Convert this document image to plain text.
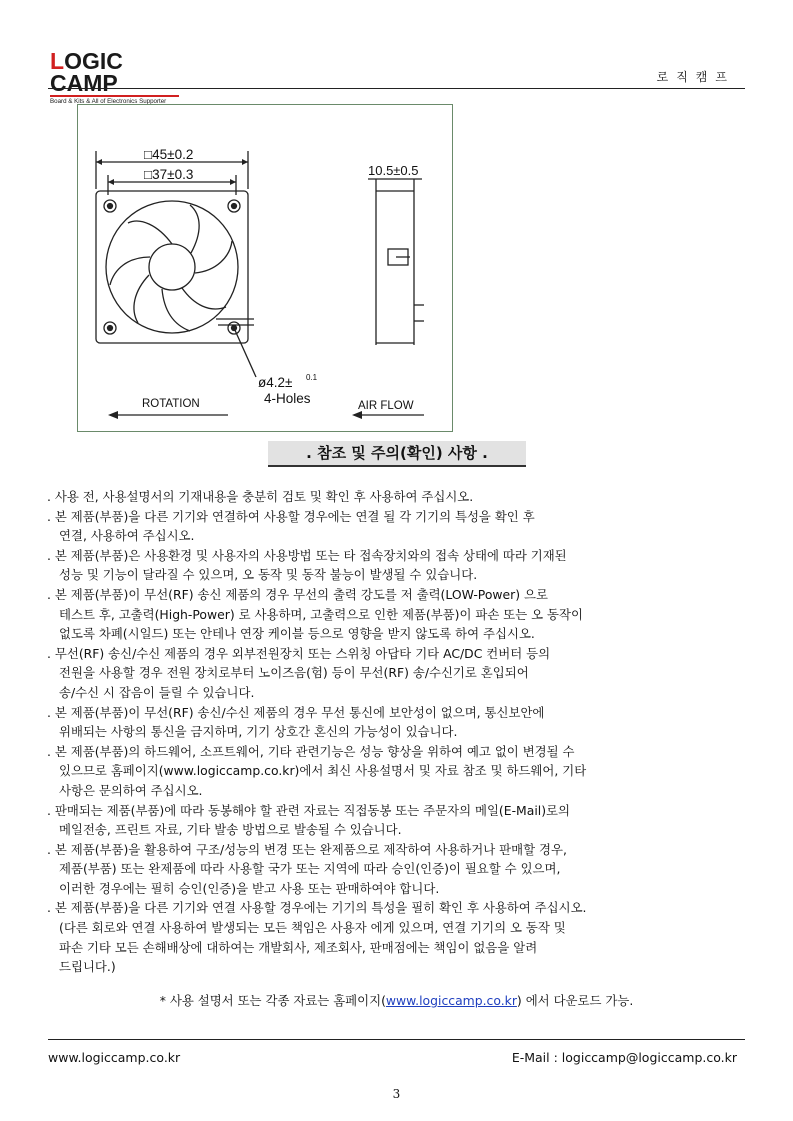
LOGIC CAMP
Board & Kits & All of Electronics Supporter
로직캠프
□45±0.2
□37±0.3	10.5±0.5
ø4.2± 0.1
4-Holes
ROTATION	AIR FLOW
. 참조 및 주의(확인) 사항 .
. 사용 전, 사용설명서의 기재내용을 충분히 검토 및 확인 후 사용하여 주십시오.
. 본 제품(부품)을 다른 기기와 연결하여 사용할 경우에는 연결 될 각 기기의 특성을 확인 후
연결, 사용하여 주십시오.
. 본 제품(부품)은 사용환경 및 사용자의 사용방법 또는 타 접속장치와의 접속 상태에 따라 기재된
성능 및 기능이 달라질 수 있으며, 오 동작 및 동작 불능이 발생될 수 있습니다.
. 본 제품(부품)이 무선(RF) 송신 제품의 경우 무선의 출력 강도를 저 출력(LOW-Power) 으로
테스트 후, 고출력(High-Power) 로 사용하며, 고출력으로 인한 제품(부품)이 파손 또는 오 동작이
없도록 차폐(시일드) 또는 안테나 연장 케이블 등으로 영향을 받지 않도록 하여 주십시오.
. 무선(RF) 송신/수신 제품의 경우 외부전원장치 또는 스위칭 아답타 기타 AC/DC 컨버터 등의
전원을 사용할 경우 전원 장치로부터 노이즈음(험) 등이 무선(RF) 송/수신기로 혼입되어
송/수신 시 잡음이 들릴 수 있습니다.
. 본 제품(부품)이 무선(RF) 송신/수신 제품의 경우 무선 통신에 보안성이 없으며, 통신보안에
위배되는 사항의 통신을 금지하며, 기기 상호간 혼신의 가능성이 있습니다.
. 본 제품(부품)의 하드웨어, 소프트웨어, 기타 관련기능은 성능 향상을 위하여 예고 없이 변경될 수
있으므로 홈페이지(www.logiccamp.co.kr)에서 최신 사용설명서 및 자료 참조 및 하드웨어, 기타
사항은 문의하여 주십시오.
. 판매되는 제품(부품)에 따라 동봉해야 할 관련 자료는 직접동봉 또는 주문자의 메일(E-Mail)로의
메일전송, 프린트 자료, 기타 발송 방법으로 발송될 수 있습니다.
. 본 제품(부품)을 활용하여 구조/성능의 변경 또는 완제품으로 제작하여 사용하거나 판매할 경우,
제품(부품) 또는 완제품에 따라 사용할 국가 또는 지역에 따라 승인(인증)이 필요할 수 있으며,
이러한 경우에는 필히 승인(인증)을 받고 사용 또는 판매하여야 합니다.
. 본 제품(부품)을 다른 기기와 연결 사용할 경우에는 기기의 특성을 필히 확인 후 사용하여 주십시오.
(다른 회로와 연결 사용하여 발생되는 모든 책임은 사용자 에게 있으며, 연결 기기의 오 동작 및
파손 기타 모든 손해배상에 대하여는 개발회사, 제조회사, 판매점에는 책임이 없음을 알려
드립니다.)
* 사용 설명서 또는 각종 자료는 홈페이지(www.logiccamp.co.kr) 에서 다운로드 가능.
www.logiccamp.co.kr	E-Mail : logiccamp@logiccamp.co.kr
3
